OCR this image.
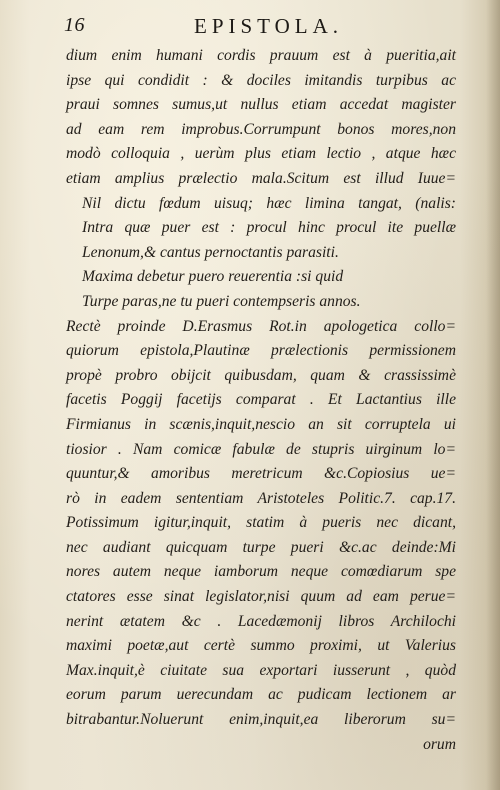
16	EPISTOLA.
dium enim humani cordis prauum est à pueritia,ait
ipse qui condidit : & dociles imitandis turpibus ac
praui somnes sumus,ut nullus etiam accedat magister
ad eam rem improbus.Corrumpunt bonos mores,non
modò colloquia , uerùm plus etiam lectio , atque hæc
etiam amplius prælectio mala.Scitum est illud Iuue=
Nil dictu fœdum uisuq; hæc limina tangat, (nalis:
Intra quæ puer est : procul hinc procul ite puellæ
Lenonum,& cantus pernoctantis parasiti.
Maxima debetur puero reuerentia :si quid
Turpe paras,ne tu pueri contempseris annos.
Rectè proinde D.Erasmus Rot.in apologetica collo=
quiorum epistola,Plautinæ prælectionis permissionem
propè probro obijcit quibusdam, quam & crassissimè
facetis Poggij facetijs comparat . Et Lactantius ille
Firmianus in scænis,inquit,nescio an sit corruptela ui
tiosior . Nam comicæ fabulæ de stupris uirginum lo=
quuntur,& amoribus meretricum &c.Copiosius ue=
rò in eadem sententiam Aristoteles Politic.7. cap.17.
Potissimum igitur,inquit, statim à pueris nec dicant,
nec audiant quicquam turpe pueri &c.ac deinde:Mi
nores autem neque iamborum neque comœdiarum spe
ctatores esse sinat legislator,nisi quum ad eam perue=
nerint ætatem &c . Lacedæmonij libros Archilochi
maximi poetæ,aut certè summo proximi, ut Valerius
Max.inquit,è ciuitate sua exportari iusserunt , quòd
eorum parum uerecundam ac pudicam lectionem ar
bitrabantur.Noluerunt enim,inquit,ea liberorum su=
orum
